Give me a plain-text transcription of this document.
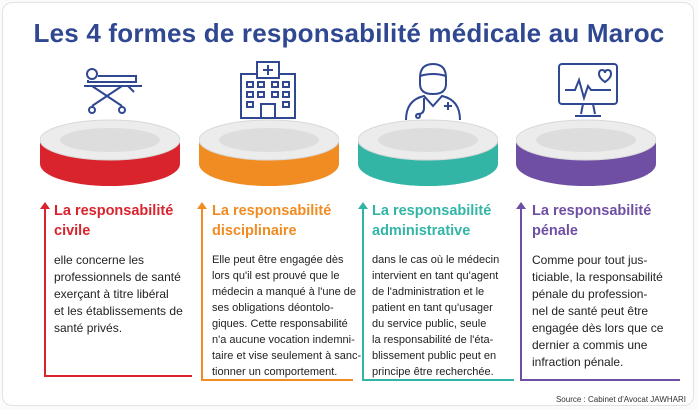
Les 4 formes de responsabilité médicale au Maroc
La responsabilité
civile
elle concerne les
professionnels de santé
exerçant à titre libéral
et les établissements de
santé privés.
La responsabilité
disciplinaire
Elle peut être engagée dès
lors qu'il est prouvé que le
médecin a manqué à l'une de
ses obligations déontolo-
giques. Cette responsabilité
n'a aucune vocation indemni-
taire et vise seulement à sanc-
tionner un comportement.
La responsabilité
administrative
dans le cas où le médecin
intervient en tant qu'agent
de l'administration et le
patient en tant qu'usager
du service public, seule
la responsabilité de l'éta-
blissement public peut en
principe être recherchée.
La responsabilité
pénale
Comme pour tout jus-
ticiable, la responsabilité
pénale du profession-
nel de santé peut être
engagée dès lors que ce
dernier a commis une
infraction pénale.
Source : Cabinet d'Avocat JAWHARI
